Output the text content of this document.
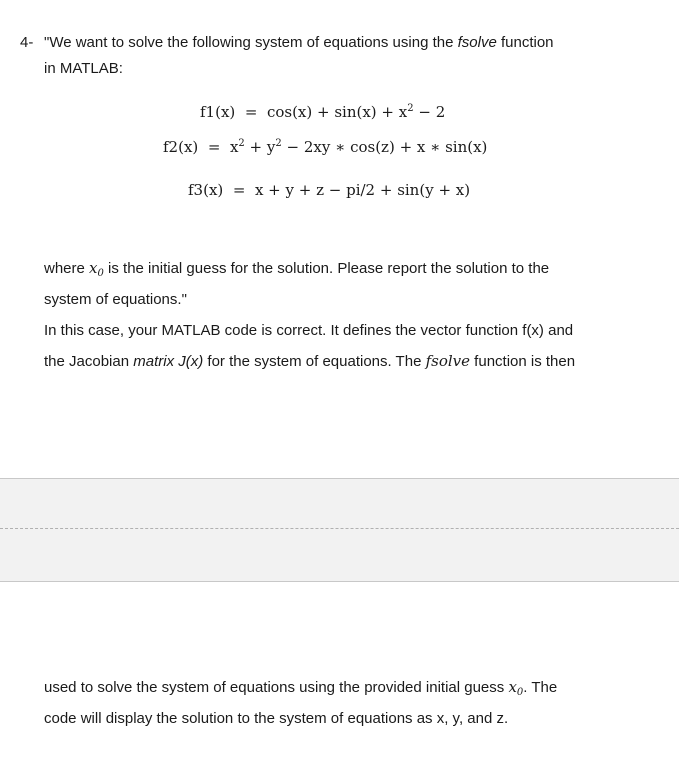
4- "We want to solve the following system of equations using the fsolve function
in MATLAB:

$f1(x) = \cos(x) + \sin(x) + x^2 - 2$
$f2(x) = x^2 + y^2 - 2xy$ ∗ cos(z) + x ∗ sin(x)
f3(x) = x + y + z − pi/2 + sin(y + x)

where $x_0$ is the initial guess for the solution. Please report the solution to the
system of equations."

In this case, your MATLAB code is correct. It defines the vector function f(x) and
the Jacobian matrix J(x) for the system of equations. The fsolve function is then

used to solve the system of equations using the provided initial guess $x_0$. The
code will display the solution to the system of equations as x, y, and z.
